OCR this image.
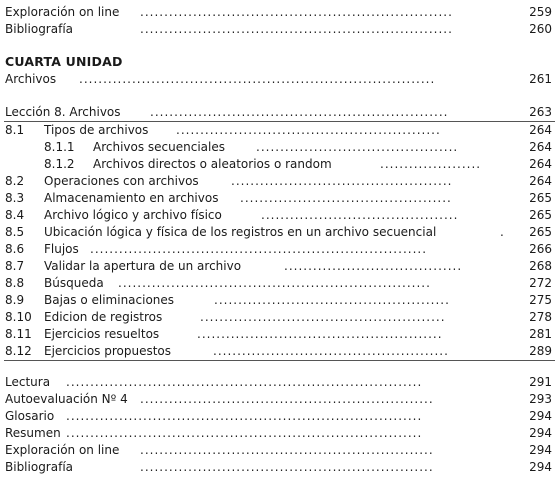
Exploración on line .................................................................	259
Bibliografía	.................................................................	260
CUARTA UNIDAD
Archivos ..........................................................................	261
Lección 8. Archivos ..............................................................	263
8.1 Tipos de archivos .......................................................	264
8.1.1 Archivos secuenciales	..........................................	264
8.1.2 Archivos directos o aleatorios o random	.....................	264
8.2 Operaciones con archivos	..............................................	264
8.3 Almacenamiento en archivos ............................................	265
8.4 Archivo lógico y archivo físico	.........................................	265
8.5 Ubicación lógica y física de los registros en un archivo secuencial	.	265
8.6 Flujos ......................................................................	266
8.7 Validar la apertura de un archivo	.....................................	268
8.8 Búsqueda .................................................................	272
8.9 Bajas o eliminaciones	.................................................	275
8.10 Edicion de registros	...................................................	278
8.11 Ejercicios resueltos	...................................................	281
8.12 Ejercicios propuestos	.................................................	289
Lectura ..........................................................................	291
Autoevaluación Nº 4 .............................................................	293
Glosario ..........................................................................	294
Resumen ..........................................................................	294
Exploración on line .............................................................	294
Bibliografía	.............................................................	294
